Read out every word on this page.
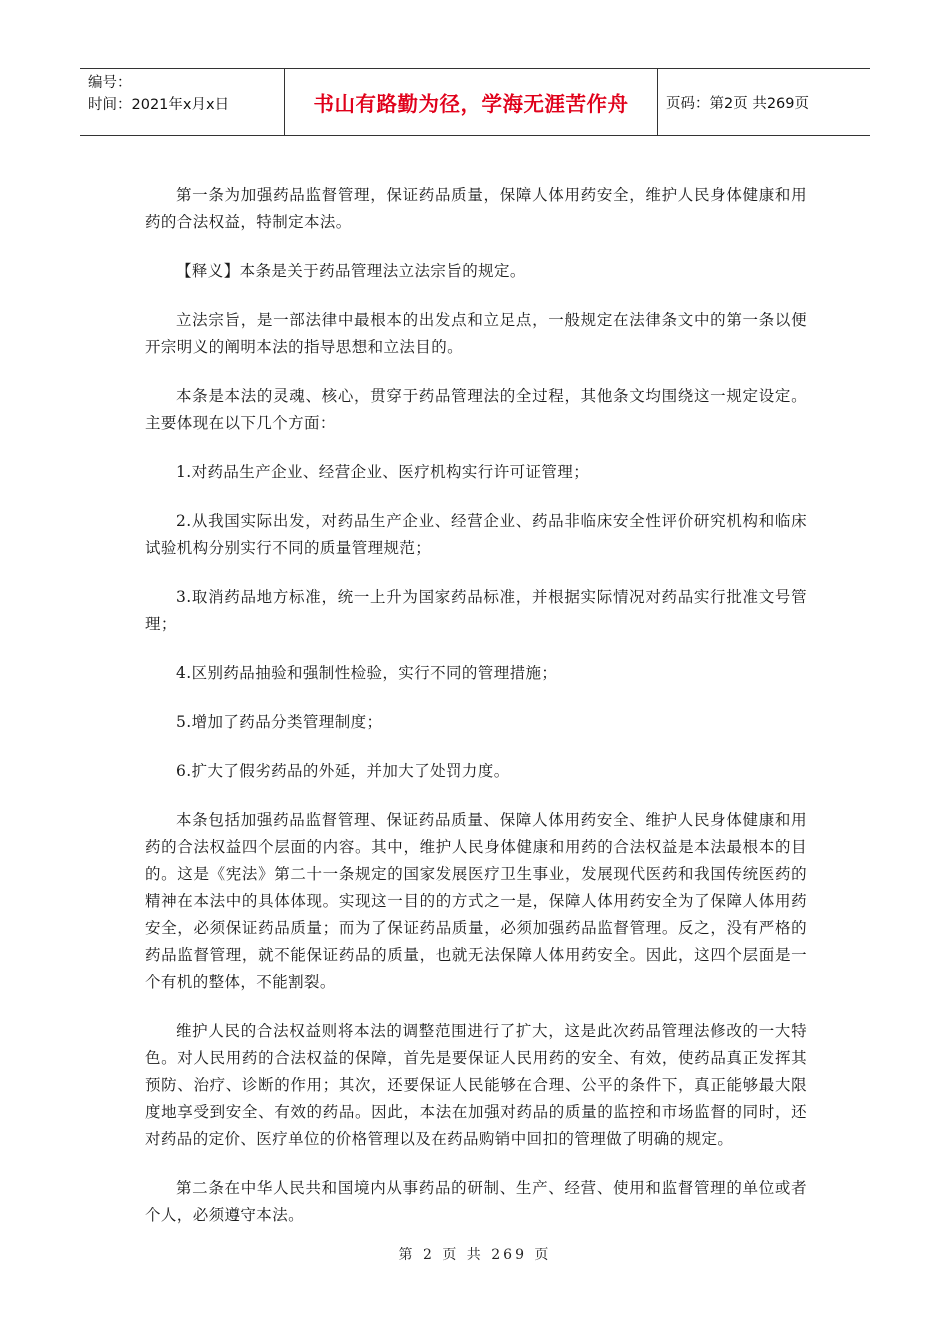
编号：
时间：2021年x月x日	书山有路勤为径，学海无涯苦作舟	页码：第2页 共269页

第一条为加强药品监督管理，保证药品质量，保障人体用药安全，维护人民身体健康和用药的合法权益，特制定本法。

【释义】本条是关于药品管理法立法宗旨的规定。

立法宗旨，是一部法律中最根本的出发点和立足点，一般规定在法律条文中的第一条以便开宗明义的阐明本法的指导思想和立法目的。

本条是本法的灵魂、核心，贯穿于药品管理法的全过程，其他条文均围绕这一规定设定。主要体现在以下几个方面：

1.对药品生产企业、经营企业、医疗机构实行许可证管理；

2.从我国实际出发，对药品生产企业、经营企业、药品非临床安全性评价研究机构和临床试验机构分别实行不同的质量管理规范；

3.取消药品地方标准，统一上升为国家药品标准，并根据实际情况对药品实行批准文号管理；

4.区别药品抽验和强制性检验，实行不同的管理措施；

5.增加了药品分类管理制度；

6.扩大了假劣药品的外延，并加大了处罚力度。

本条包括加强药品监督管理、保证药品质量、保障人体用药安全、维护人民身体健康和用药的合法权益四个层面的内容。其中，维护人民身体健康和用药的合法权益是本法最根本的目的。这是《宪法》第二十一条规定的国家发展医疗卫生事业，发展现代医药和我国传统医药的精神在本法中的具体体现。实现这一目的的方式之一是，保障人体用药安全为了保障人体用药安全，必须保证药品质量；而为了保证药品质量，必须加强药品监督管理。反之，没有严格的药品监督管理，就不能保证药品的质量，也就无法保障人体用药安全。因此，这四个层面是一个有机的整体，不能割裂。

维护人民的合法权益则将本法的调整范围进行了扩大，这是此次药品管理法修改的一大特色。对人民用药的合法权益的保障，首先是要保证人民用药的安全、有效，使药品真正发挥其预防、治疗、诊断的作用；其次，还要保证人民能够在合理、公平的条件下，真正能够最大限度地享受到安全、有效的药品。因此，本法在加强对药品的质量的监控和市场监督的同时，还对药品的定价、医疗单位的价格管理以及在药品购销中回扣的管理做了明确的规定。

第二条在中华人民共和国境内从事药品的研制、生产、经营、使用和监督管理的单位或者个人，必须遵守本法。

第 2 页 共 269 页
